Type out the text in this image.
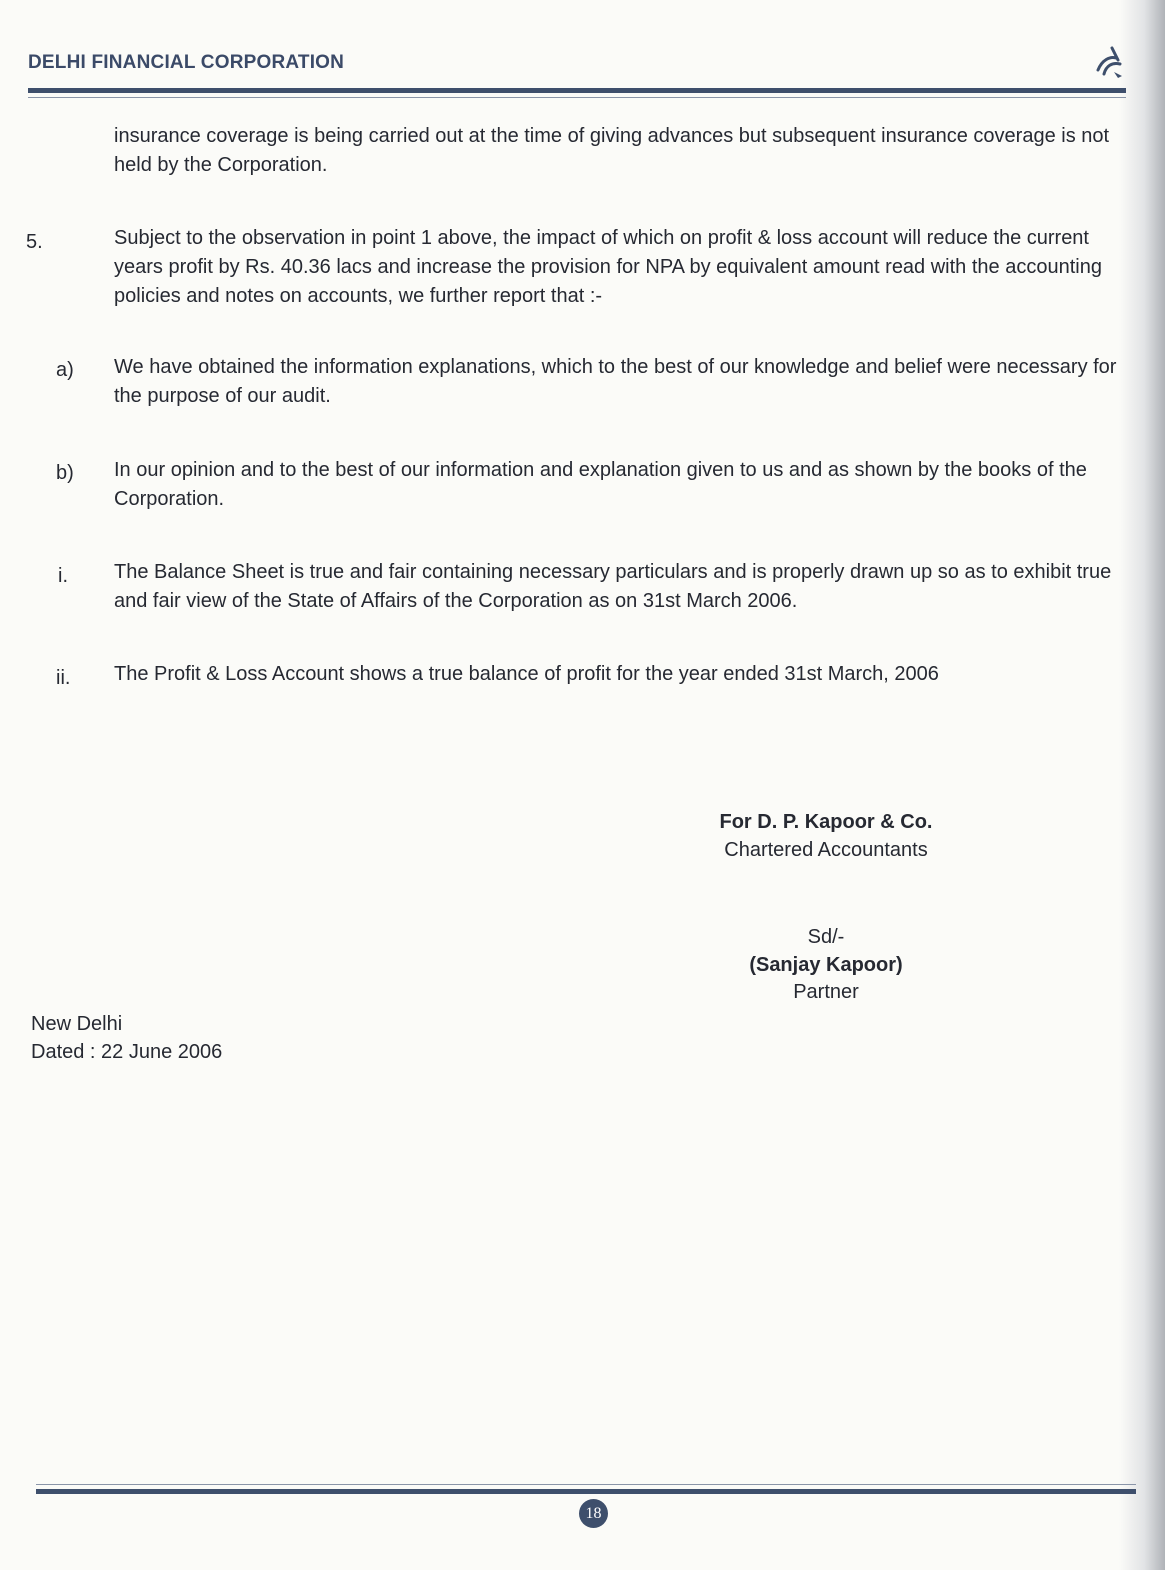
DELHI FINANCIAL CORPORATION
insurance coverage is being carried out at the time of giving advances but subsequent insurance coverage is not held by the Corporation.
5.	Subject to the observation in point 1 above, the impact of which on profit & loss account will reduce the current years profit by Rs. 40.36 lacs and increase the provision for NPA by equivalent amount read with the accounting policies and notes on accounts, we further report that :-
a) We have obtained the information explanations, which to the best of our knowledge and belief were necessary for the purpose of our audit.
b) In our opinion and to the best of our information and explanation given to us and as shown by the books of the Corporation.
i. The Balance Sheet is true and fair containing necessary particulars and is properly drawn up so as to exhibit true and fair view of the State of Affairs of the Corporation as on 31st March 2006.
ii. The Profit & Loss Account shows a true balance of profit for the year ended 31st March, 2006
For D. P. Kapoor & Co.
Chartered Accountants
Sd/-
(Sanjay Kapoor)
Partner
New Delhi
Dated : 22 June 2006
18
